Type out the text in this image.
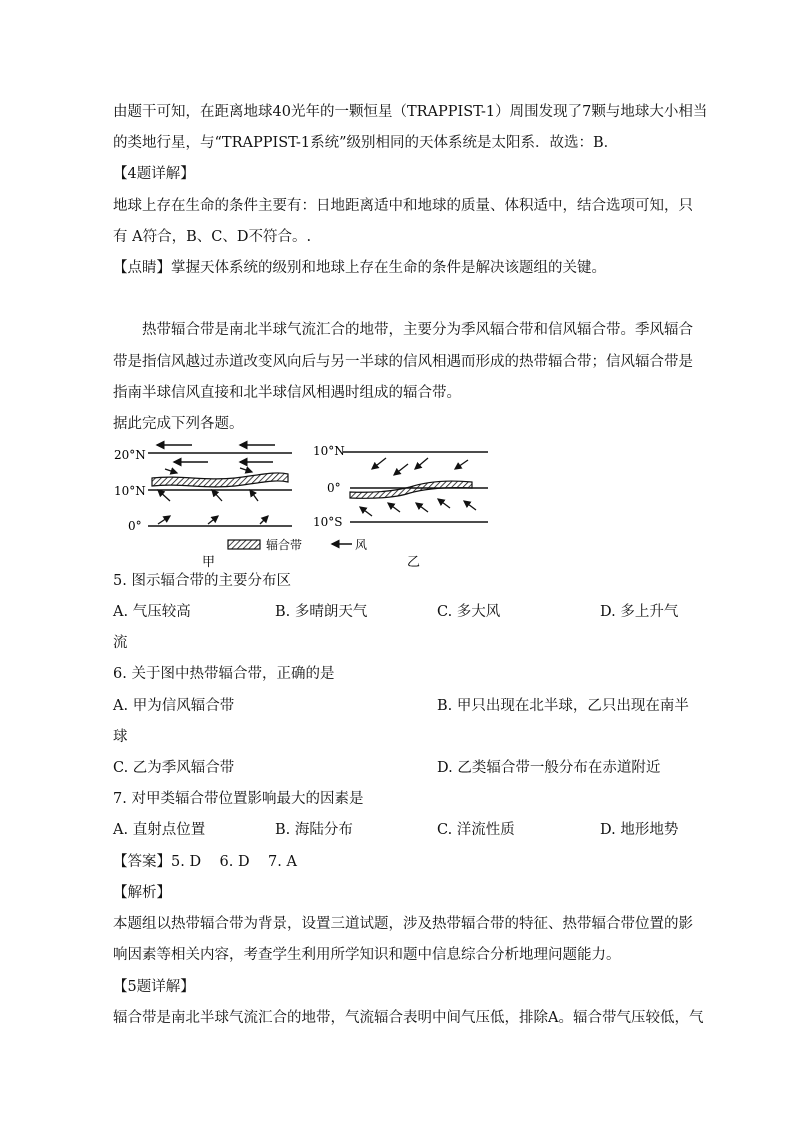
由题干可知，在距离地球40光年的一颗恒星（TRAPPIST-1）周围发现了7颗与地球大小相当
的类地行星，与“TRAPPIST-1系统”级别相同的天体系统是太阳系．故选：B．
【4题详解】
地球上存在生命的条件主要有：日地距离适中和地球的质量、体积适中，结合选项可知，只
有 A符合，B、C、D不符合。.
【点睛】掌握天体系统的级别和地球上存在生命的条件是解决该题组的关键。
热带辐合带是南北半球气流汇合的地带，主要分为季风辐合带和信风辐合带。季风辐合
带是指信风越过赤道改变风向后与另一半球的信风相遇而形成的热带辐合带；信风辐合带是
指南半球信风直接和北半球信风相遇时组成的辐合带。
据此完成下列各题。
20°N
10°N
0°
甲
辐合带	风
10°N
0°
10°S
乙
5. 图示辐合带的主要分布区
A. 气压较高	B. 多晴朗天气	C. 多大风	D. 多上升气
流
6. 关于图中热带辐合带，正确的是
A. 甲为信风辐合带	B. 甲只出现在北半球，乙只出现在南半
球
C. 乙为季风辐合带	D. 乙类辐合带一般分布在赤道附近
7. 对甲类辐合带位置影响最大的因素是
A. 直射点位置	B. 海陆分布	C. 洋流性质	D. 地形地势
【答案】5. D    6. D    7. A
【解析】
本题组以热带辐合带为背景，设置三道试题，涉及热带辐合带的特征、热带辐合带位置的影
响因素等相关内容，考查学生利用所学知识和题中信息综合分析地理问题能力。
【5题详解】
辐合带是南北半球气流汇合的地带，气流辐合表明中间气压低，排除A。辐合带气压较低，气
